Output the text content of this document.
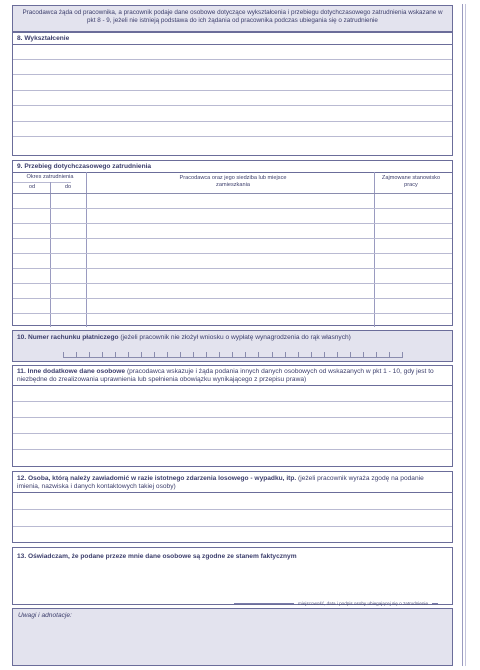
Pracodawca żąda od pracownika, a pracownik podaje dane osobowe dotyczące wykształcenia i przebiegu dotychczasowego zatrudnienia wskazane w pkt 8 - 9, jeżeli nie istnieją podstawa do ich żądania od pracownika podczas ubiegania się o zatrudnienie
8. Wykształcenie
9. Przebieg dotychczasowego zatrudnienia
Okres zatrudnienia
od	do
Pracodawca oraz jego siedziba lub miejsce zamieszkania
Zajmowane stanowisko pracy
10. Numer rachunku płatniczego (jeżeli pracownik nie złożył wniosku o wypłatę wynagrodzenia do rąk własnych)
11. Inne dodatkowe dane osobowe (pracodawca wskazuje i żąda podania innych danych osobowych od wskazanych w pkt 1 - 10, gdy jest to niezbędne do zrealizowania uprawnienia lub spełnienia obowiązku wynikającego z przepisu prawa)
12. Osoba, którą należy zawiadomić w razie istotnego zdarzenia losowego - wypadku, itp. (jeżeli pracownik wyraża zgodę na podanie imienia, nazwiska i danych kontaktowych takiej osoby)
13. Oświadczam, że podane przeze mnie dane osobowe są zgodne ze stanem faktycznym
miejscowość, data i podpis osoby ubiegającej się o zatrudnienie
Uwagi i adnotacje:
